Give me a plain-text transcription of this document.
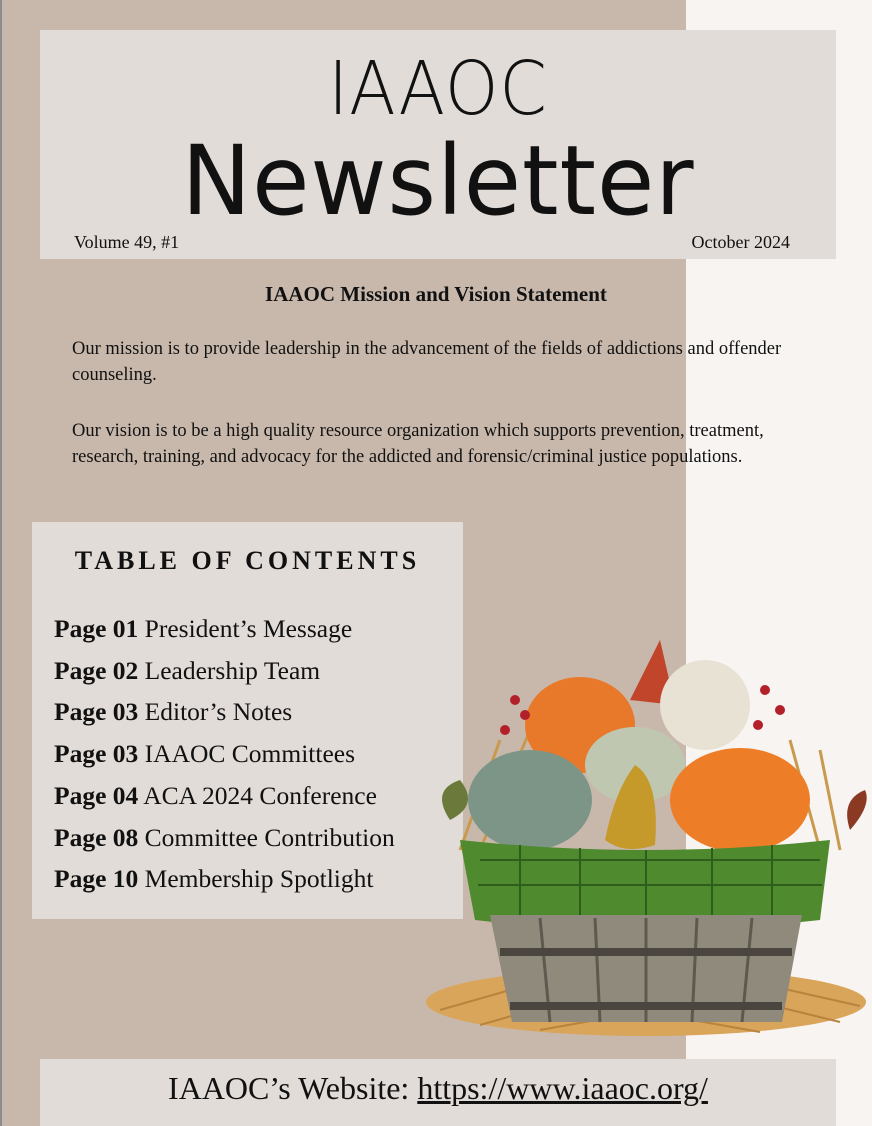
IAAOC
Newsletter
Volume 49, #1	October 2024
IAAOC Mission and Vision Statement
Our mission is to provide leadership in the advancement of the fields of addictions and offender counseling.
Our vision is to be a high quality resource organization which supports prevention, treatment, research, training, and advocacy for the addicted and forensic/criminal justice populations.
TABLE OF CONTENTS
Page 01 President’s Message
Page 02 Leadership Team
Page 03 Editor’s Notes
Page 03 IAAOC Committees
Page 04 ACA 2024 Conference
Page 08 Committee Contribution
Page 10 Membership Spotlight
IAAOC’s Website: https://www.iaaoc.org/
